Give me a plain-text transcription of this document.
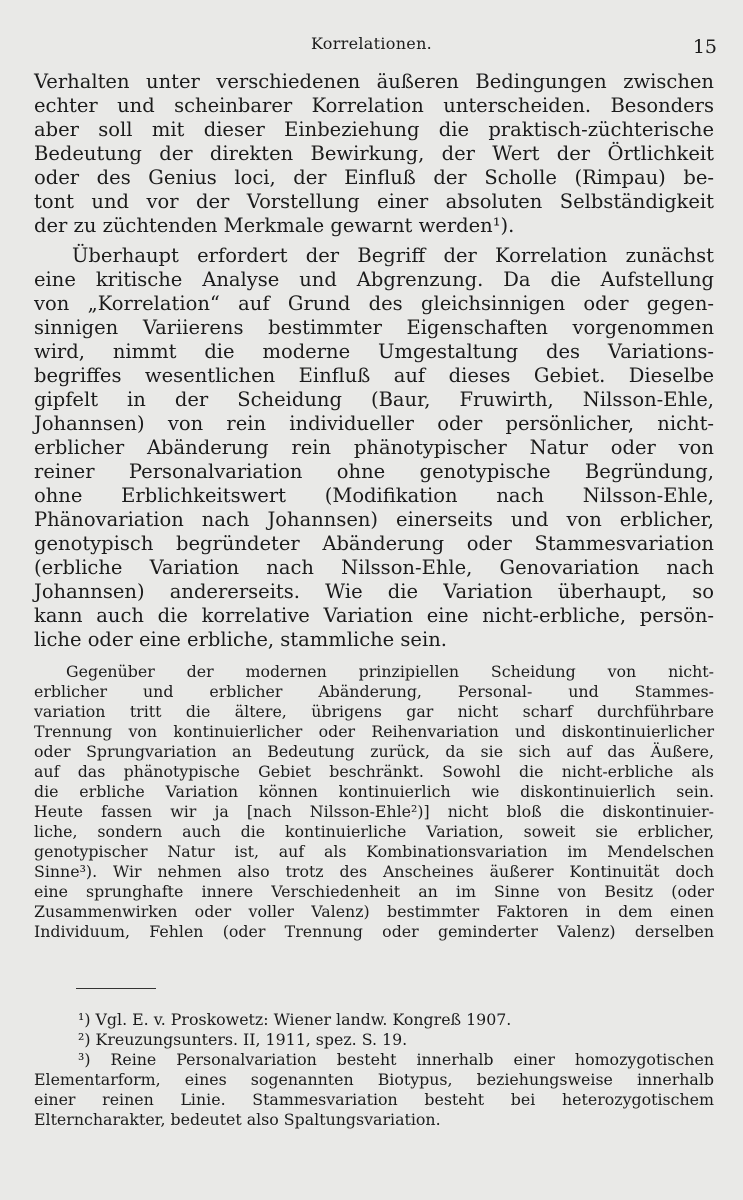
Korrelationen.	15
Verhalten unter verschiedenen äußeren Bedingungen zwischen
echter und scheinbarer Korrelation unterscheiden. Besonders
aber soll mit dieser Einbeziehung die praktisch-züchterische
Bedeutung der direkten Bewirkung, der Wert der Örtlichkeit
oder des Genius loci, der Einfluß der Scholle (Rimpau) be-
tont und vor der Vorstellung einer absoluten Selbständigkeit
der zu züchtenden Merkmale gewarnt werden¹).
Überhaupt erfordert der Begriff der Korrelation zunächst
eine kritische Analyse und Abgrenzung. Da die Aufstellung
von „Korrelation“ auf Grund des gleichsinnigen oder gegen-
sinnigen Variierens bestimmter Eigenschaften vorgenommen
wird, nimmt die moderne Umgestaltung des Variations-
begriffes wesentlichen Einfluß auf dieses Gebiet. Dieselbe
gipfelt in der Scheidung (Baur, Fruwirth, Nilsson-Ehle,
Johannsen) von rein individueller oder persönlicher, nicht-
erblicher Abänderung rein phänotypischer Natur oder von
reiner Personalvariation ohne genotypische Begründung,
ohne Erblichkeitswert (Modifikation nach Nilsson-Ehle,
Phänovariation nach Johannsen) einerseits und von erblicher,
genotypisch begründeter Abänderung oder Stammesvariation
(erbliche Variation nach Nilsson-Ehle, Genovariation nach
Johannsen) andererseits. Wie die Variation überhaupt, so
kann auch die korrelative Variation eine nicht-erbliche, persön-
liche oder eine erbliche, stammliche sein.
Gegenüber der modernen prinzipiellen Scheidung von nicht-
erblicher und erblicher Abänderung, Personal- und Stammes-
variation tritt die ältere, übrigens gar nicht scharf durchführbare
Trennung von kontinuierlicher oder Reihenvariation und diskontinuierlicher
oder Sprungvariation an Bedeutung zurück, da sie sich auf das Äußere,
auf das phänotypische Gebiet beschränkt. Sowohl die nicht-erbliche als
die erbliche Variation können kontinuierlich wie diskontinuierlich sein.
Heute fassen wir ja [nach Nilsson-Ehle²)] nicht bloß die diskontinuier-
liche, sondern auch die kontinuierliche Variation, soweit sie erblicher,
genotypischer Natur ist, auf als Kombinationsvariation im Mendelschen
Sinne³). Wir nehmen also trotz des Anscheines äußerer Kontinuität doch
eine sprunghafte innere Verschiedenheit an im Sinne von Besitz (oder
Zusammenwirken oder voller Valenz) bestimmter Faktoren in dem einen
Individuum, Fehlen (oder Trennung oder geminderter Valenz) derselben
¹) Vgl. E. v. Proskowetz: Wiener landw. Kongreß 1907.
²) Kreuzungsunters. II, 1911, spez. S. 19.
³) Reine Personalvariation besteht innerhalb einer homozygotischen
Elementarform, eines sogenannten Biotypus, beziehungsweise innerhalb
einer reinen Linie. Stammesvariation besteht bei heterozygotischem
Elterncharakter, bedeutet also Spaltungsvariation.
